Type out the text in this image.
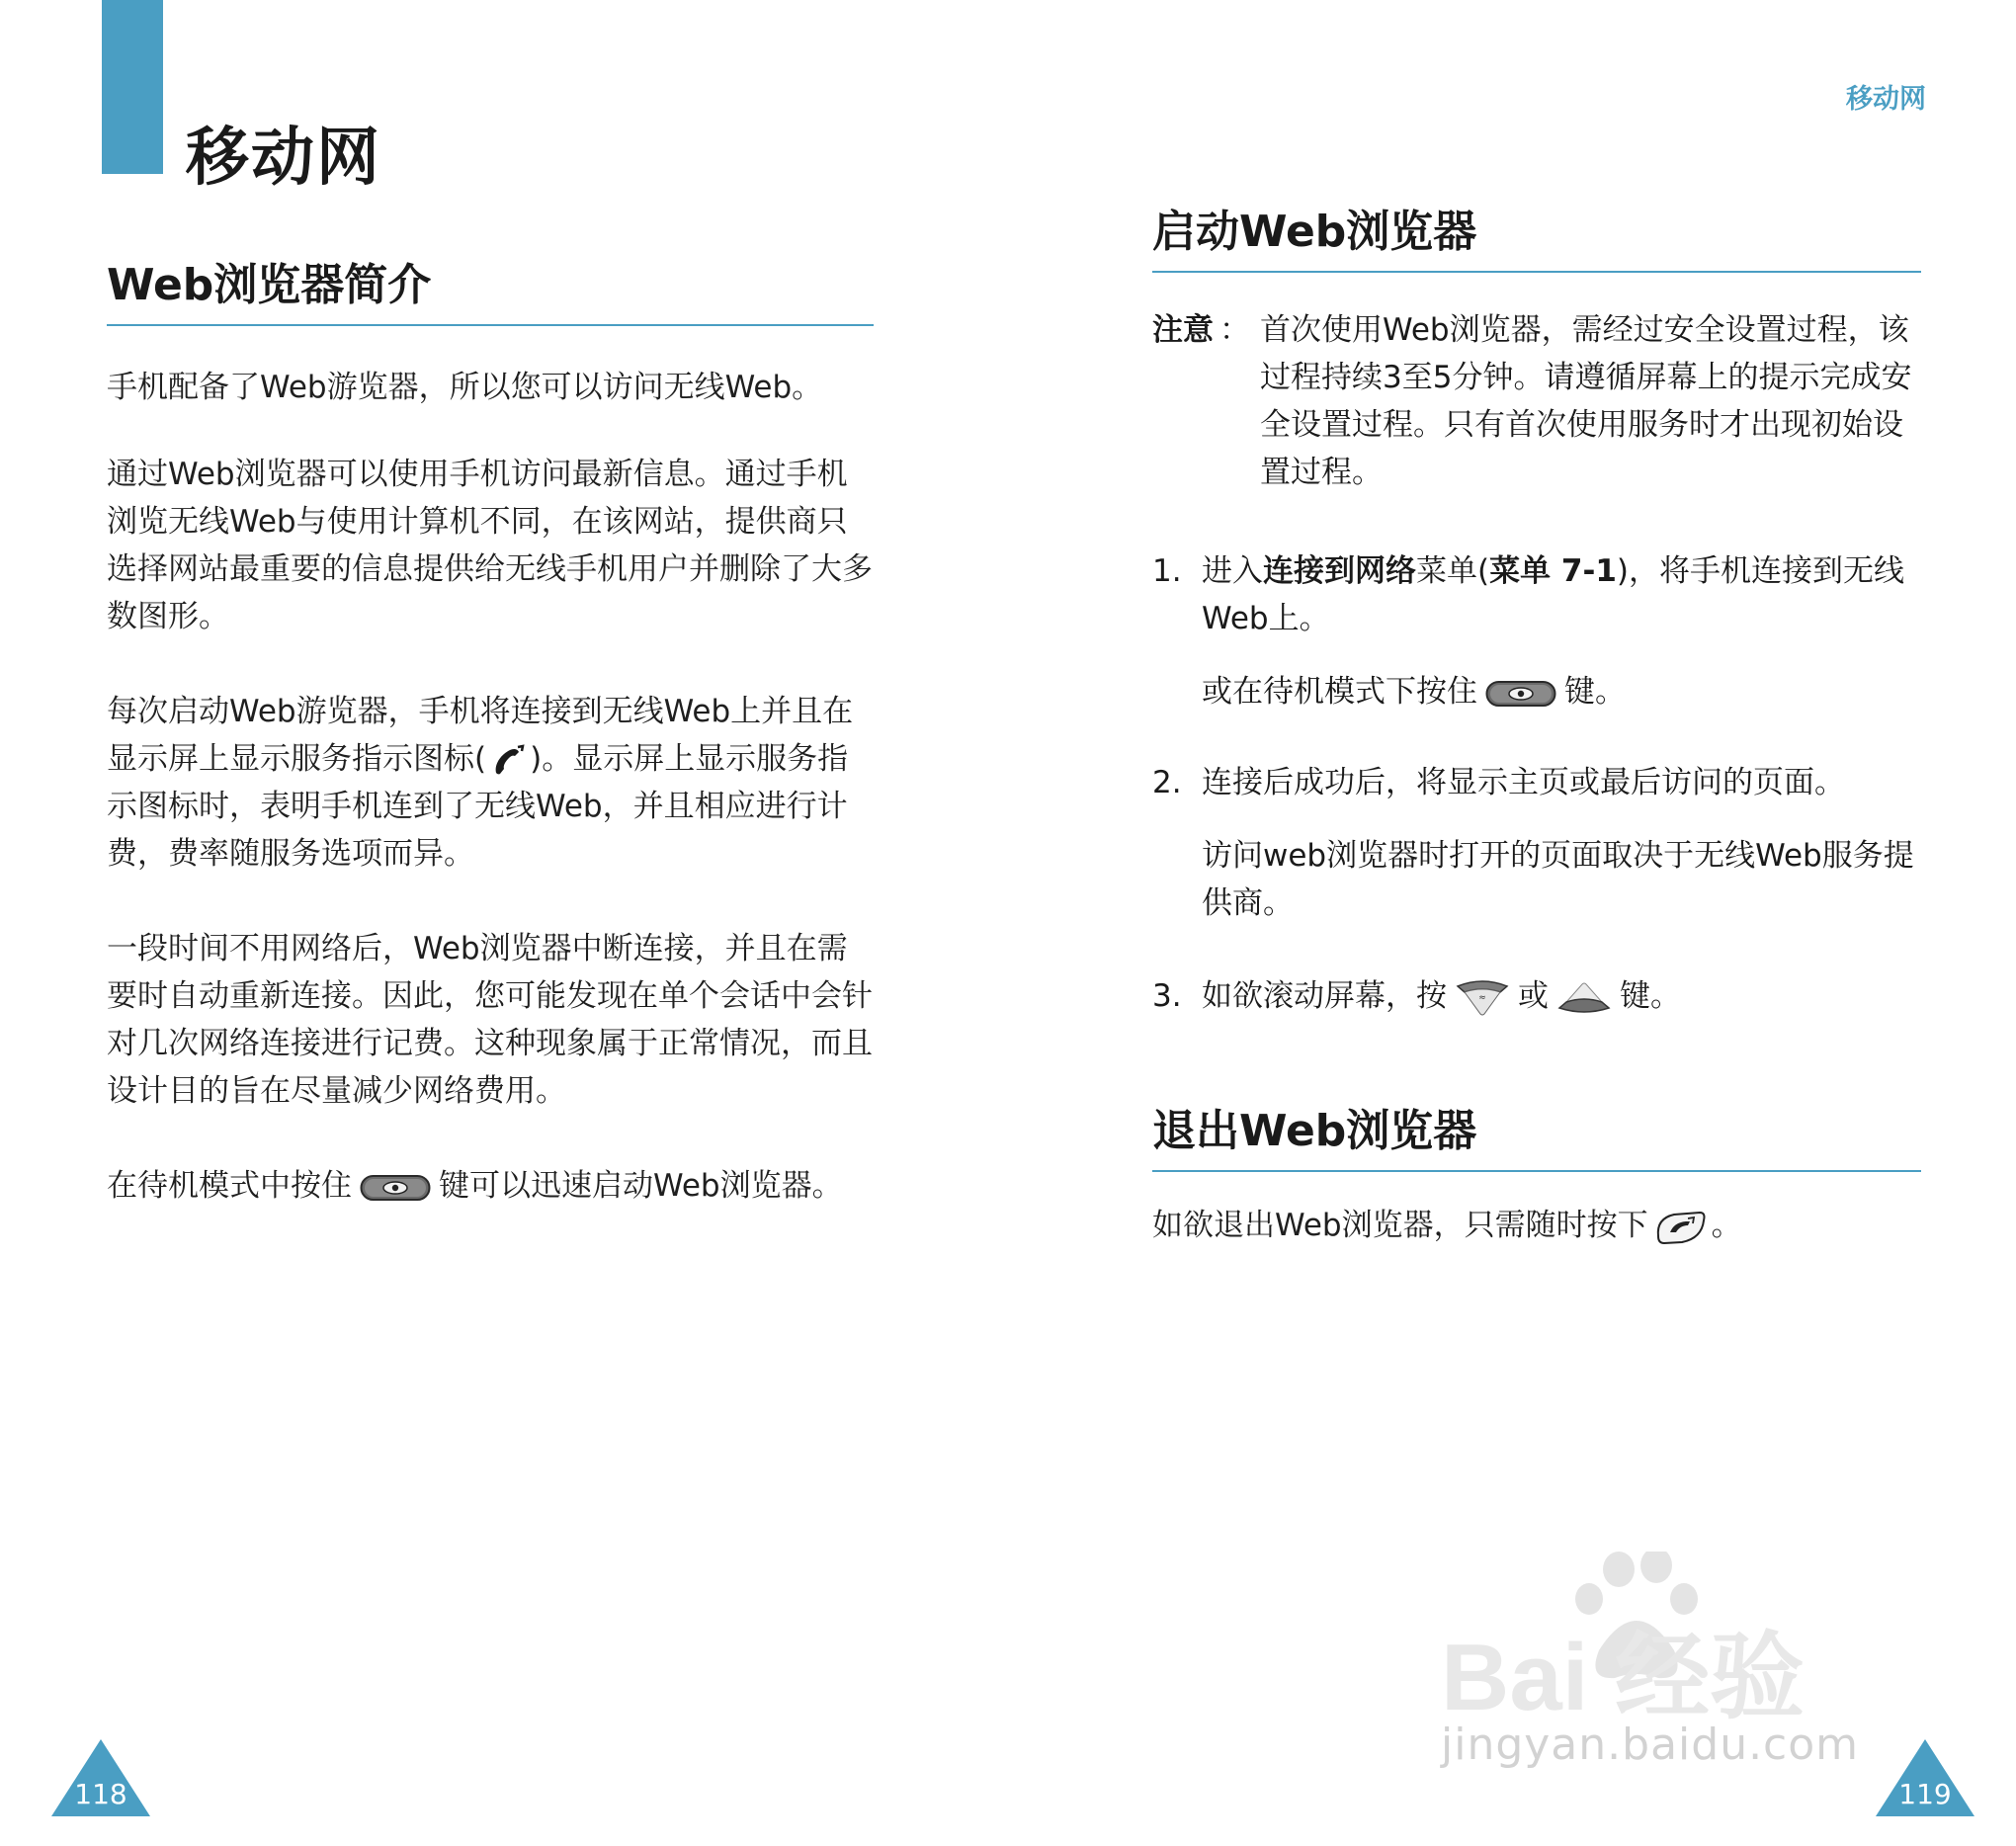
移动网
移动网
Web浏览器简介

手机配备了Web游览器，所以您可以访问无线Web。

通过Web浏览器可以使用手机访问最新信息。通过手机浏览无线Web与使用计算机不同，在该网站，提供商只选择网站最重要的信息提供给无线手机用户并删除了大多数图形。

每次启动Web游览器，手机将连接到无线Web上并且在显示屏上显示服务指示图标( )。显示屏上显示服务指示图标时，表明手机连到了无线Web，并且相应进行计费，费率随服务选项而异。

一段时间不用网络后，Web浏览器中断连接，并且在需要时自动重新连接。因此，您可能发现在单个会话中会针对几次网络连接进行记费。这种现象属于正常情况，而且设计目的旨在尽量减少网络费用。

在待机模式中按住	键可以迅速启动Web浏览器。

启动Web浏览器
注意 ： 首次使用Web浏览器，需经过安全设置过程，该过程持续3至5分钟。请遵循屏幕上的提示完成安全设置过程。只有首次使用服务时才出现初始设置过程。
1. 进入连接到网络菜单(菜单 7-1)，将手机连接到无线Web上。

或在待机模式下按住	键。

2. 连接后成功后，将显示主页或最后访问的页面。

访问web浏览器时打开的页面取决于无线Web服务提供商。

3. 如欲滚动屏幕，按	≈ 或 键。
退出Web浏览器

如欲退出Web浏览器，只需随时按下 。

118	119
Bai 经验
jingyan.baidu.com
